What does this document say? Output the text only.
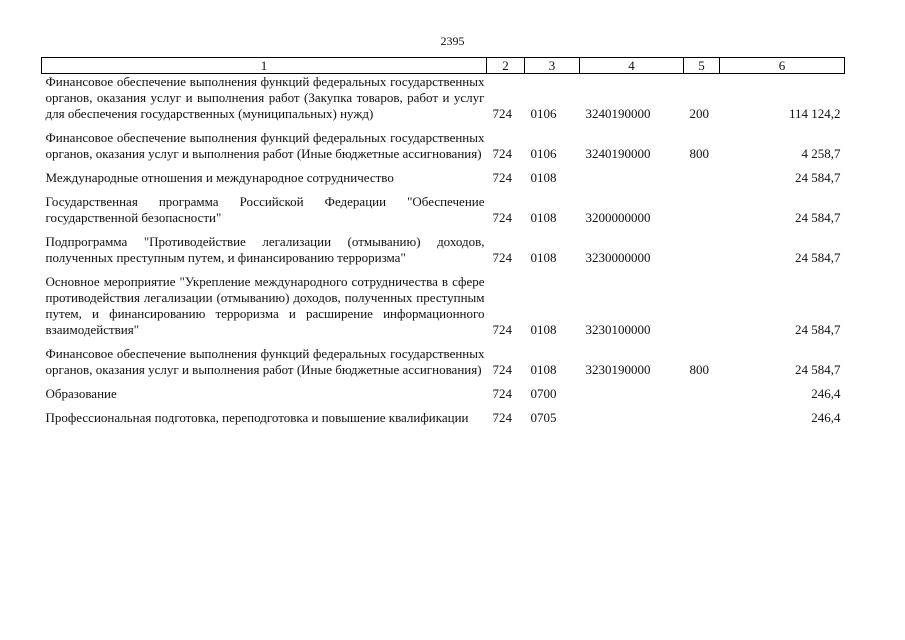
2395
1	2	3	4	5	6
Финансовое обеспечение выполнения функций федеральных государственных органов, оказания услуг и выполнения работ (Закупка товаров, работ и услуг для обеспечения государственных (муниципальных) нужд)	724	0106	3240190000	200	114 124,2
Финансовое обеспечение выполнения функций федеральных государственных органов, оказания услуг и выполнения работ (Иные бюджетные ассигнования)	724	0106	3240190000	800	4 258,7
Международные отношения и международное сотрудничество	724	0108			24 584,7
Государственная программа Российской Федерации "Обеспечение государственной безопасности"	724	0108	3200000000		24 584,7
Подпрограмма "Противодействие легализации (отмыванию) доходов, полученных преступным путем, и финансированию терроризма"	724	0108	3230000000		24 584,7
Основное мероприятие "Укрепление международного сотрудничества в сфере противодействия легализации (отмыванию) доходов, полученных преступным путем, и финансированию терроризма и расширение информационного взаимодействия"	724	0108	3230100000		24 584,7
Финансовое обеспечение выполнения функций федеральных государственных органов, оказания услуг и выполнения работ (Иные бюджетные ассигнования)	724	0108	3230190000	800	24 584,7
Образование	724	0700			246,4
Профессиональная подготовка, переподготовка и повышение квалификации	724	0705			246,4
